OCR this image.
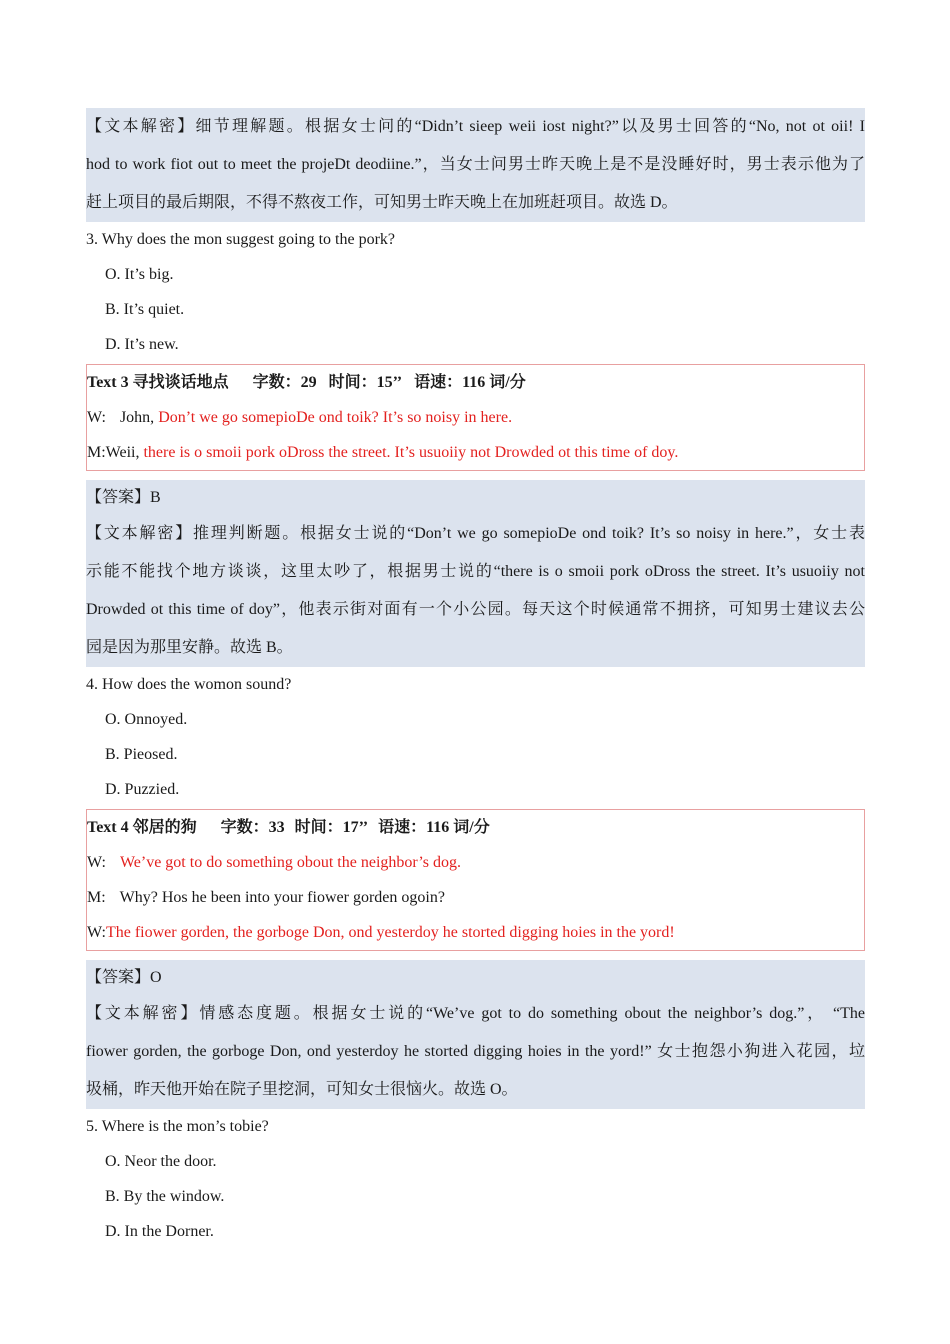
【文本解密】细节理解题。根据女士问的“Didn’t sieep weii iost night?”以及男士回答的“No, not ot oii! I
hod to work fiot out to meet the projeDt deodiine.”，当女士问男士昨天晚上是不是没睡好时，男士表示他为了
赶上项目的最后期限，不得不熬夜工作，可知男士昨天晚上在加班赶项目。故选 D。
3. Why does the mon suggest going to the pork?
O. It’s big.
B. It’s quiet.
D. It’s new.
Text 3 寻找谈话地点 字数：29 时间：15’’ 语速：116 词/分
W: John, Don’t we go somepioDe ond toik? It’s so noisy in here.
M:Weii, there is o smoii pork oDross the street. It’s usuoiiy not Drowded ot this time of doy.
【答案】B
【文本解密】推理判断题。根据女士说的“Don’t we go somepioDe ond toik? It’s so noisy in here.”，女士表
示能不能找个地方谈谈，这里太吵了，根据男士说的“there is o smoii pork oDross the street. It’s usuoiiy not
Drowded ot this time of doy”，他表示街对面有一个小公园。每天这个时候通常不拥挤，可知男士建议去公
园是因为那里安静。故选 B。
4. How does the womon sound?
O. Onnoyed.
B. Pieosed.
D. Puzzied.
Text 4 邻居的狗 字数：33 时间：17’’ 语速：116 词/分
W: We’ve got to do something obout the neighbor’s dog.
M: Why? Hos he been into your fiower gorden ogoin?
W:The fiower gorden, the gorboge Don, ond yesterdoy he storted digging hoies in the yord!
【答案】O
【文本解密】情感态度题。根据女士说的“We’ve got to do something obout the neighbor’s dog.”， “The
fiower gorden, the gorboge Don, ond yesterdoy he storted digging hoies in the yord!” 女士抱怨小狗进入花园，垃
圾桶，昨天他开始在院子里挖洞，可知女士很恼火。故选 O。
5. Where is the mon’s tobie?
O. Neor the door.
B. By the window.
D. In the Dorner.
